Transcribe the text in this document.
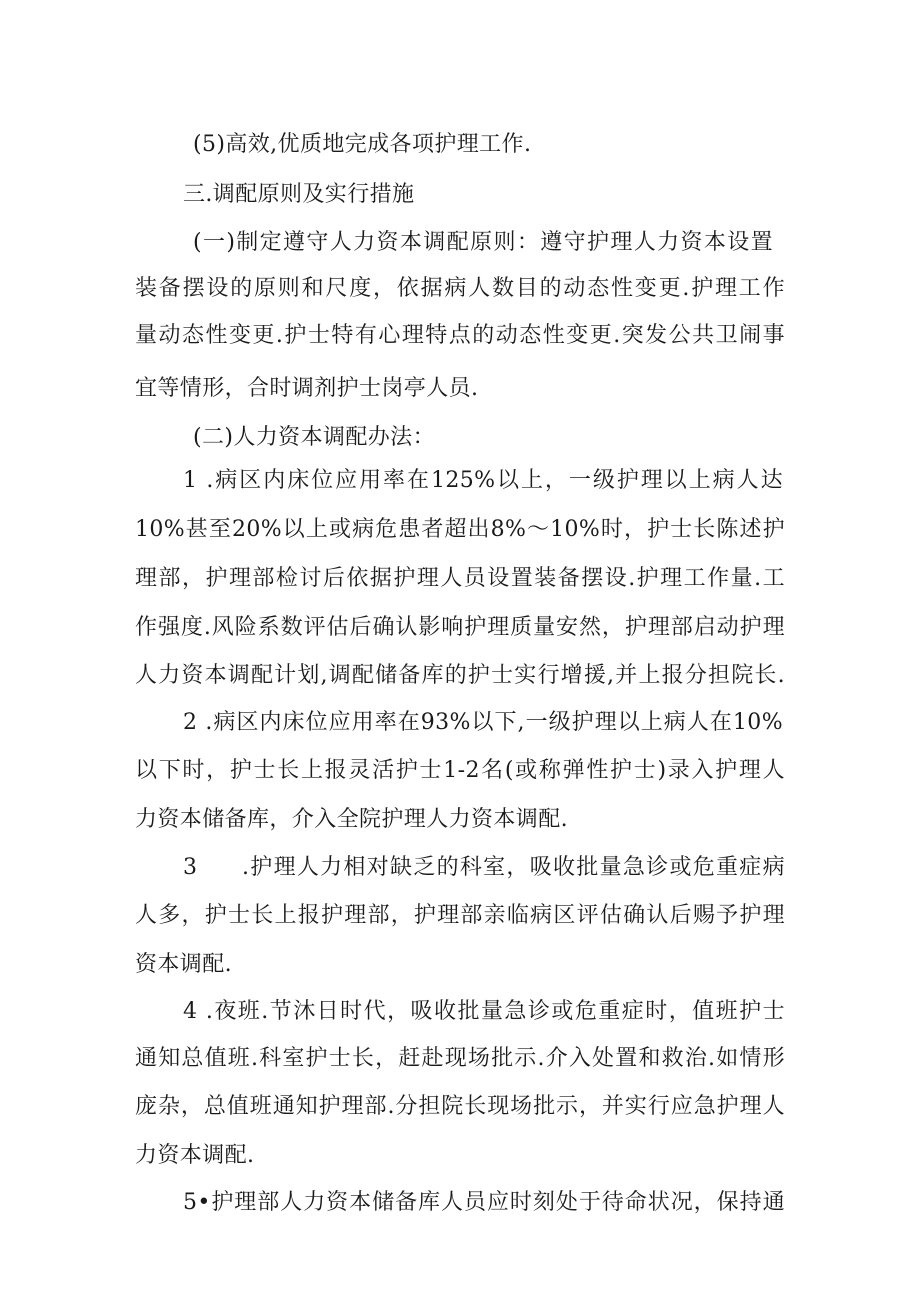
(5)高效,优质地完成各项护理工作.
三.调配原则及实行措施
(一)制定遵守人力资本调配原则：遵守护理人力资本设置
装备摆设的原则和尺度，依据病人数目的动态性变更.护理工作
量动态性变更.护士特有心理特点的动态性变更.突发公共卫闹事
宜等情形，合时调剂护士岗亭人员.
(二)人力资本调配办法：
1 .病区内床位应用率在125%以上，一级护理以上病人达
10%甚至20%以上或病危患者超出8%～10%时，护士长陈述护
理部，护理部检讨后依据护理人员设置装备摆设.护理工作量.工
作强度.风险系数评估后确认影响护理质量安然，护理部启动护理
人力资本调配计划,调配储备库的护士实行增援,并上报分担院长.
2 .病区内床位应用率在93%以下,一级护理以上病人在10%
以下时，护士长上报灵活护士1-2名(或称弹性护士)录入护理人
力资本储备库，介入全院护理人力资本调配.
3 .护理人力相对缺乏的科室，吸收批量急诊或危重症病
人多，护士长上报护理部，护理部亲临病区评估确认后赐予护理
资本调配.
4 .夜班.节沐日时代，吸收批量急诊或危重症时，值班护士
通知总值班.科室护士长，赶赴现场批示.介入处置和救治.如情形
庞杂，总值班通知护理部.分担院长现场批示，并实行应急护理人
力资本调配.
5•护理部人力资本储备库人员应时刻处于待命状况，保持通
